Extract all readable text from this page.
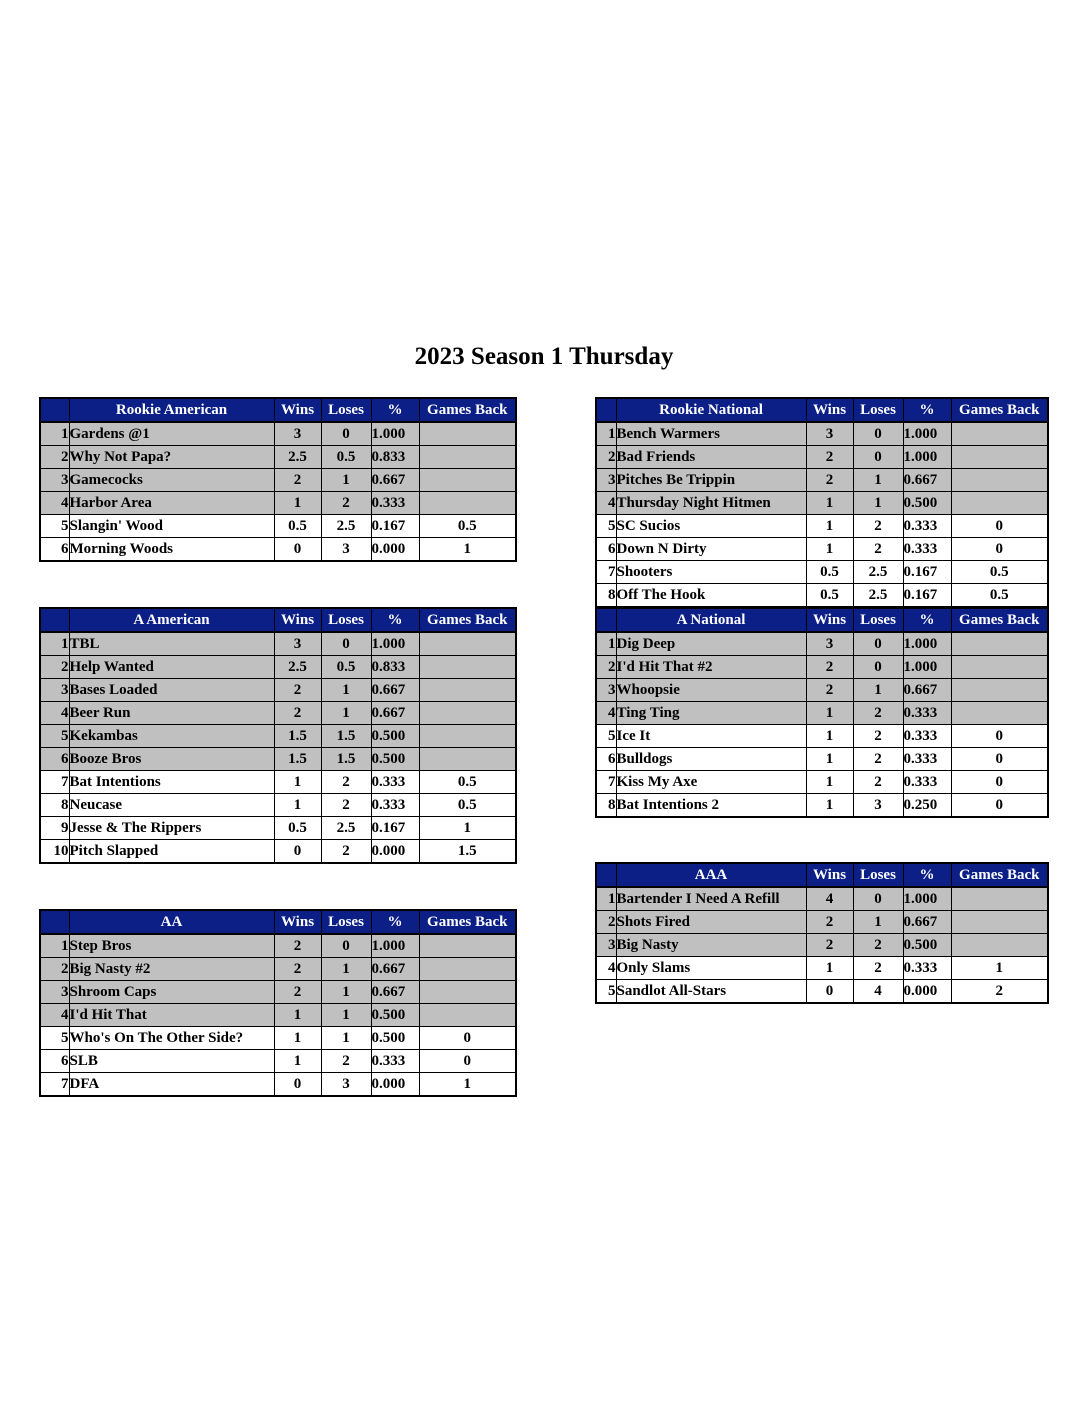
2023 Season 1 Thursday
	Rookie American	Wins	Loses	%	Games Back
1	Gardens @1	3	0	1.000	
2	Why Not Papa?	2.5	0.5	0.833	
3	Gamecocks	2	1	0.667	
4	Harbor Area	1	2	0.333	
5	Slangin' Wood	0.5	2.5	0.167	0.5
6	Morning Woods	0	3	0.000	1
	Rookie National	Wins	Loses	%	Games Back
1	Bench Warmers	3	0	1.000	
2	Bad Friends	2	0	1.000	
3	Pitches Be Trippin	2	1	0.667	
4	Thursday Night Hitmen	1	1	0.500	
5	SC Sucios	1	2	0.333	0
6	Down N Dirty	1	2	0.333	0
7	Shooters	0.5	2.5	0.167	0.5
8	Off The Hook	0.5	2.5	0.167	0.5
	A American	Wins	Loses	%	Games Back
1	TBL	3	0	1.000	
2	Help Wanted	2.5	0.5	0.833	
3	Bases Loaded	2	1	0.667	
4	Beer Run	2	1	0.667	
5	Kekambas	1.5	1.5	0.500	
6	Booze Bros	1.5	1.5	0.500	
7	Bat Intentions	1	2	0.333	0.5
8	Neucase	1	2	0.333	0.5
9	Jesse & The Rippers	0.5	2.5	0.167	1
10	Pitch Slapped	0	2	0.000	1.5
	A National	Wins	Loses	%	Games Back
1	Dig Deep	3	0	1.000	
2	I'd Hit That #2	2	0	1.000	
3	Whoopsie	2	1	0.667	
4	Ting Ting	1	2	0.333	
5	Ice It	1	2	0.333	0
6	Bulldogs	1	2	0.333	0
7	Kiss My Axe	1	2	0.333	0
8	Bat Intentions 2	1	3	0.250	0
	AAA	Wins	Loses	%	Games Back
1	Bartender I Need A Refill	4	0	1.000	
2	Shots Fired	2	1	0.667	
3	Big Nasty	2	2	0.500	
4	Only Slams	1	2	0.333	1
5	Sandlot All-Stars	0	4	0.000	2
	AA	Wins	Loses	%	Games Back
1	Step Bros	2	0	1.000	
2	Big Nasty #2	2	1	0.667	
3	Shroom Caps	2	1	0.667	
4	I'd Hit That	1	1	0.500	
5	Who's On The Other Side?	1	1	0.500	0
6	SLB	1	2	0.333	0
7	DFA	0	3	0.000	1
